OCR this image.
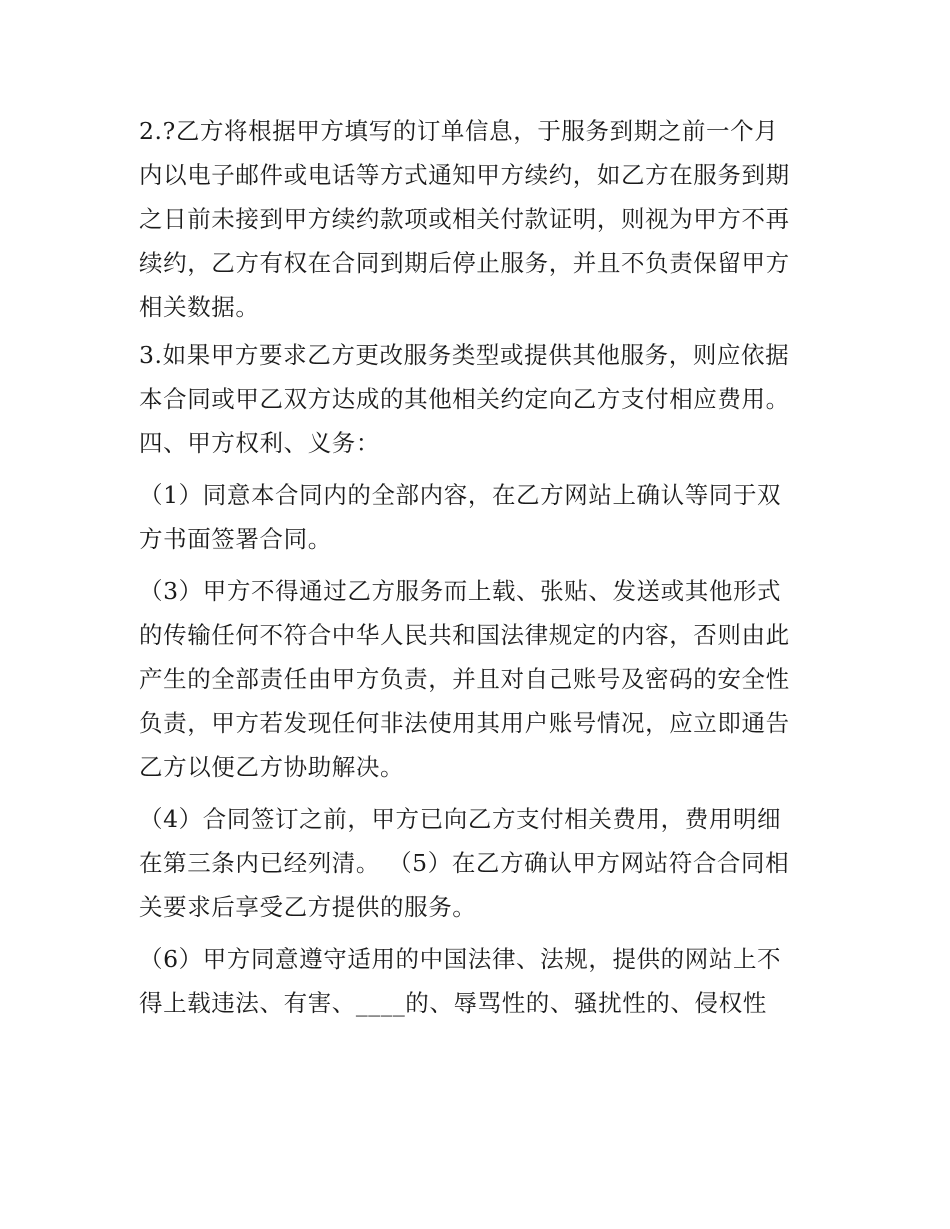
2.?乙方将根据甲方填写的订单信息，于服务到期之前一个月
内以电子邮件或电话等方式通知甲方续约，如乙方在服务到期
之日前未接到甲方续约款项或相关付款证明，则视为甲方不再
续约，乙方有权在合同到期后停止服务，并且不负责保留甲方
相关数据。

3.如果甲方要求乙方更改服务类型或提供其他服务，则应依据
本合同或甲乙双方达成的其他相关约定向乙方支付相应费用。

四、甲方权利、义务：

（1）同意本合同内的全部内容，在乙方网站上确认等同于双
方书面签署合同。

（3）甲方不得通过乙方服务而上载、张贴、发送或其他形式
的传输任何不符合中华人民共和国法律规定的内容，否则由此
产生的全部责任由甲方负责，并且对自己账号及密码的安全性
负责，甲方若发现任何非法使用其用户账号情况，应立即通告
乙方以便乙方协助解决。

（4）合同签订之前，甲方已向乙方支付相关费用，费用明细
在第三条内已经列清。 （5）在乙方确认甲方网站符合合同相
关要求后享受乙方提供的服务。

（6）甲方同意遵守适用的中国法律、法规，提供的网站上不
得上载违法、有害、____的、辱骂性的、骚扰性的、侵权性
